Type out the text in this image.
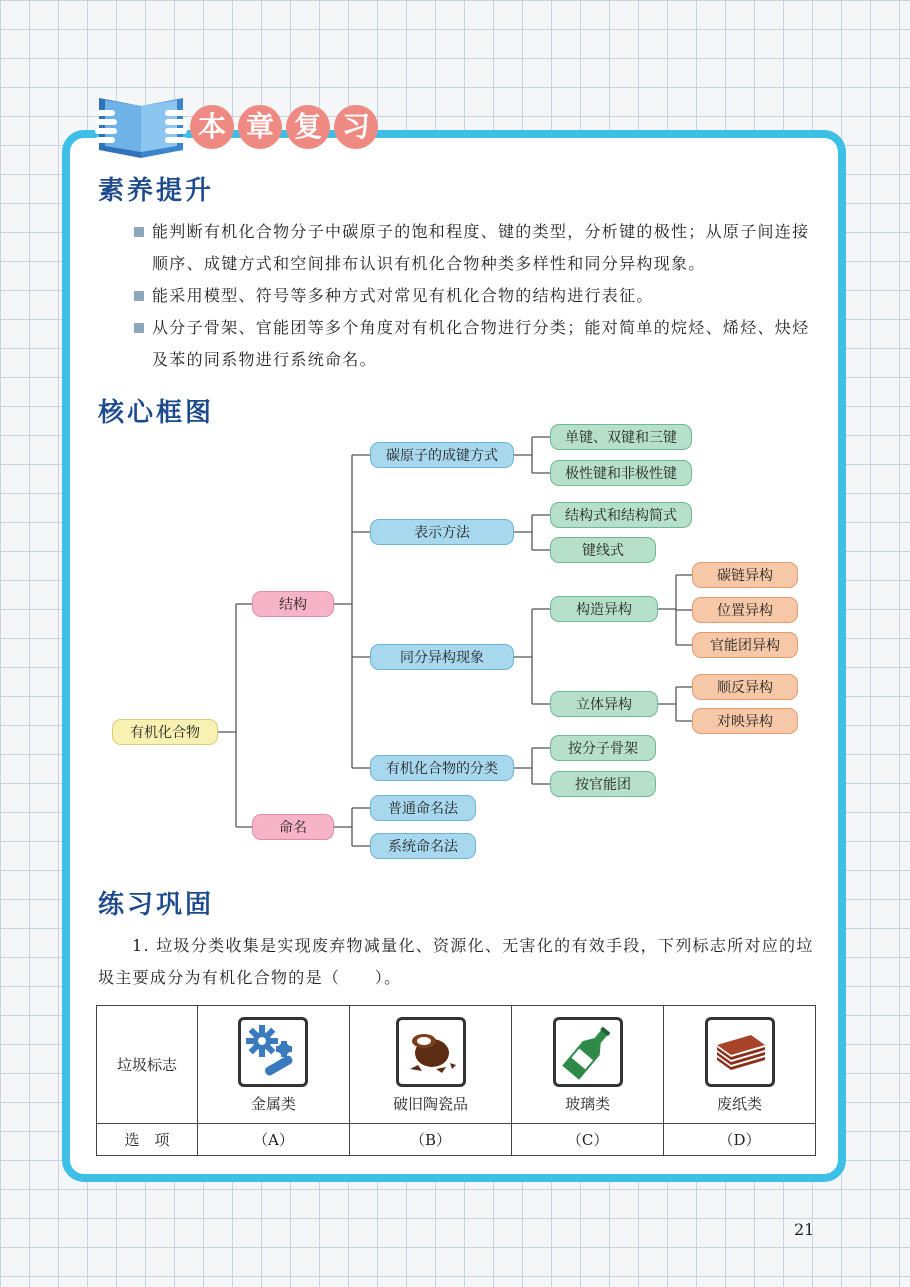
本 章 复 习
素养提升
能判断有机化合物分子中碳原子的饱和程度、键的类型，分析键的极性；从原子间连接顺序、成键方式和空间排布认识有机化合物种类多样性和同分异构现象。
能采用模型、符号等多种方式对常见有机化合物的结构进行表征。
从分子骨架、官能团等多个角度对有机化合物进行分类；能对简单的烷烃、烯烃、炔烃及苯的同系物进行系统命名。
核心框图
有机化合物
结构
命名
碳原子的成键方式
表示方法
同分异构现象
有机化合物的分类
普通命名法
系统命名法
单键、双键和三键
极性键和非极性键
结构式和结构简式
键线式
构造异构
立体异构
按分子骨架
按官能团
碳链异构
位置异构
官能团异构
顺反异构
对映异构
练习巩固
1. 垃圾分类收集是实现废弃物减量化、资源化、无害化的有效手段，下列标志所对应的垃圾主要成分为有机化合物的是（　　）。
垃圾标志	金属类	破旧陶瓷品	玻璃类	废纸类

选　项	（A）	（B）	（C）	（D）
21
